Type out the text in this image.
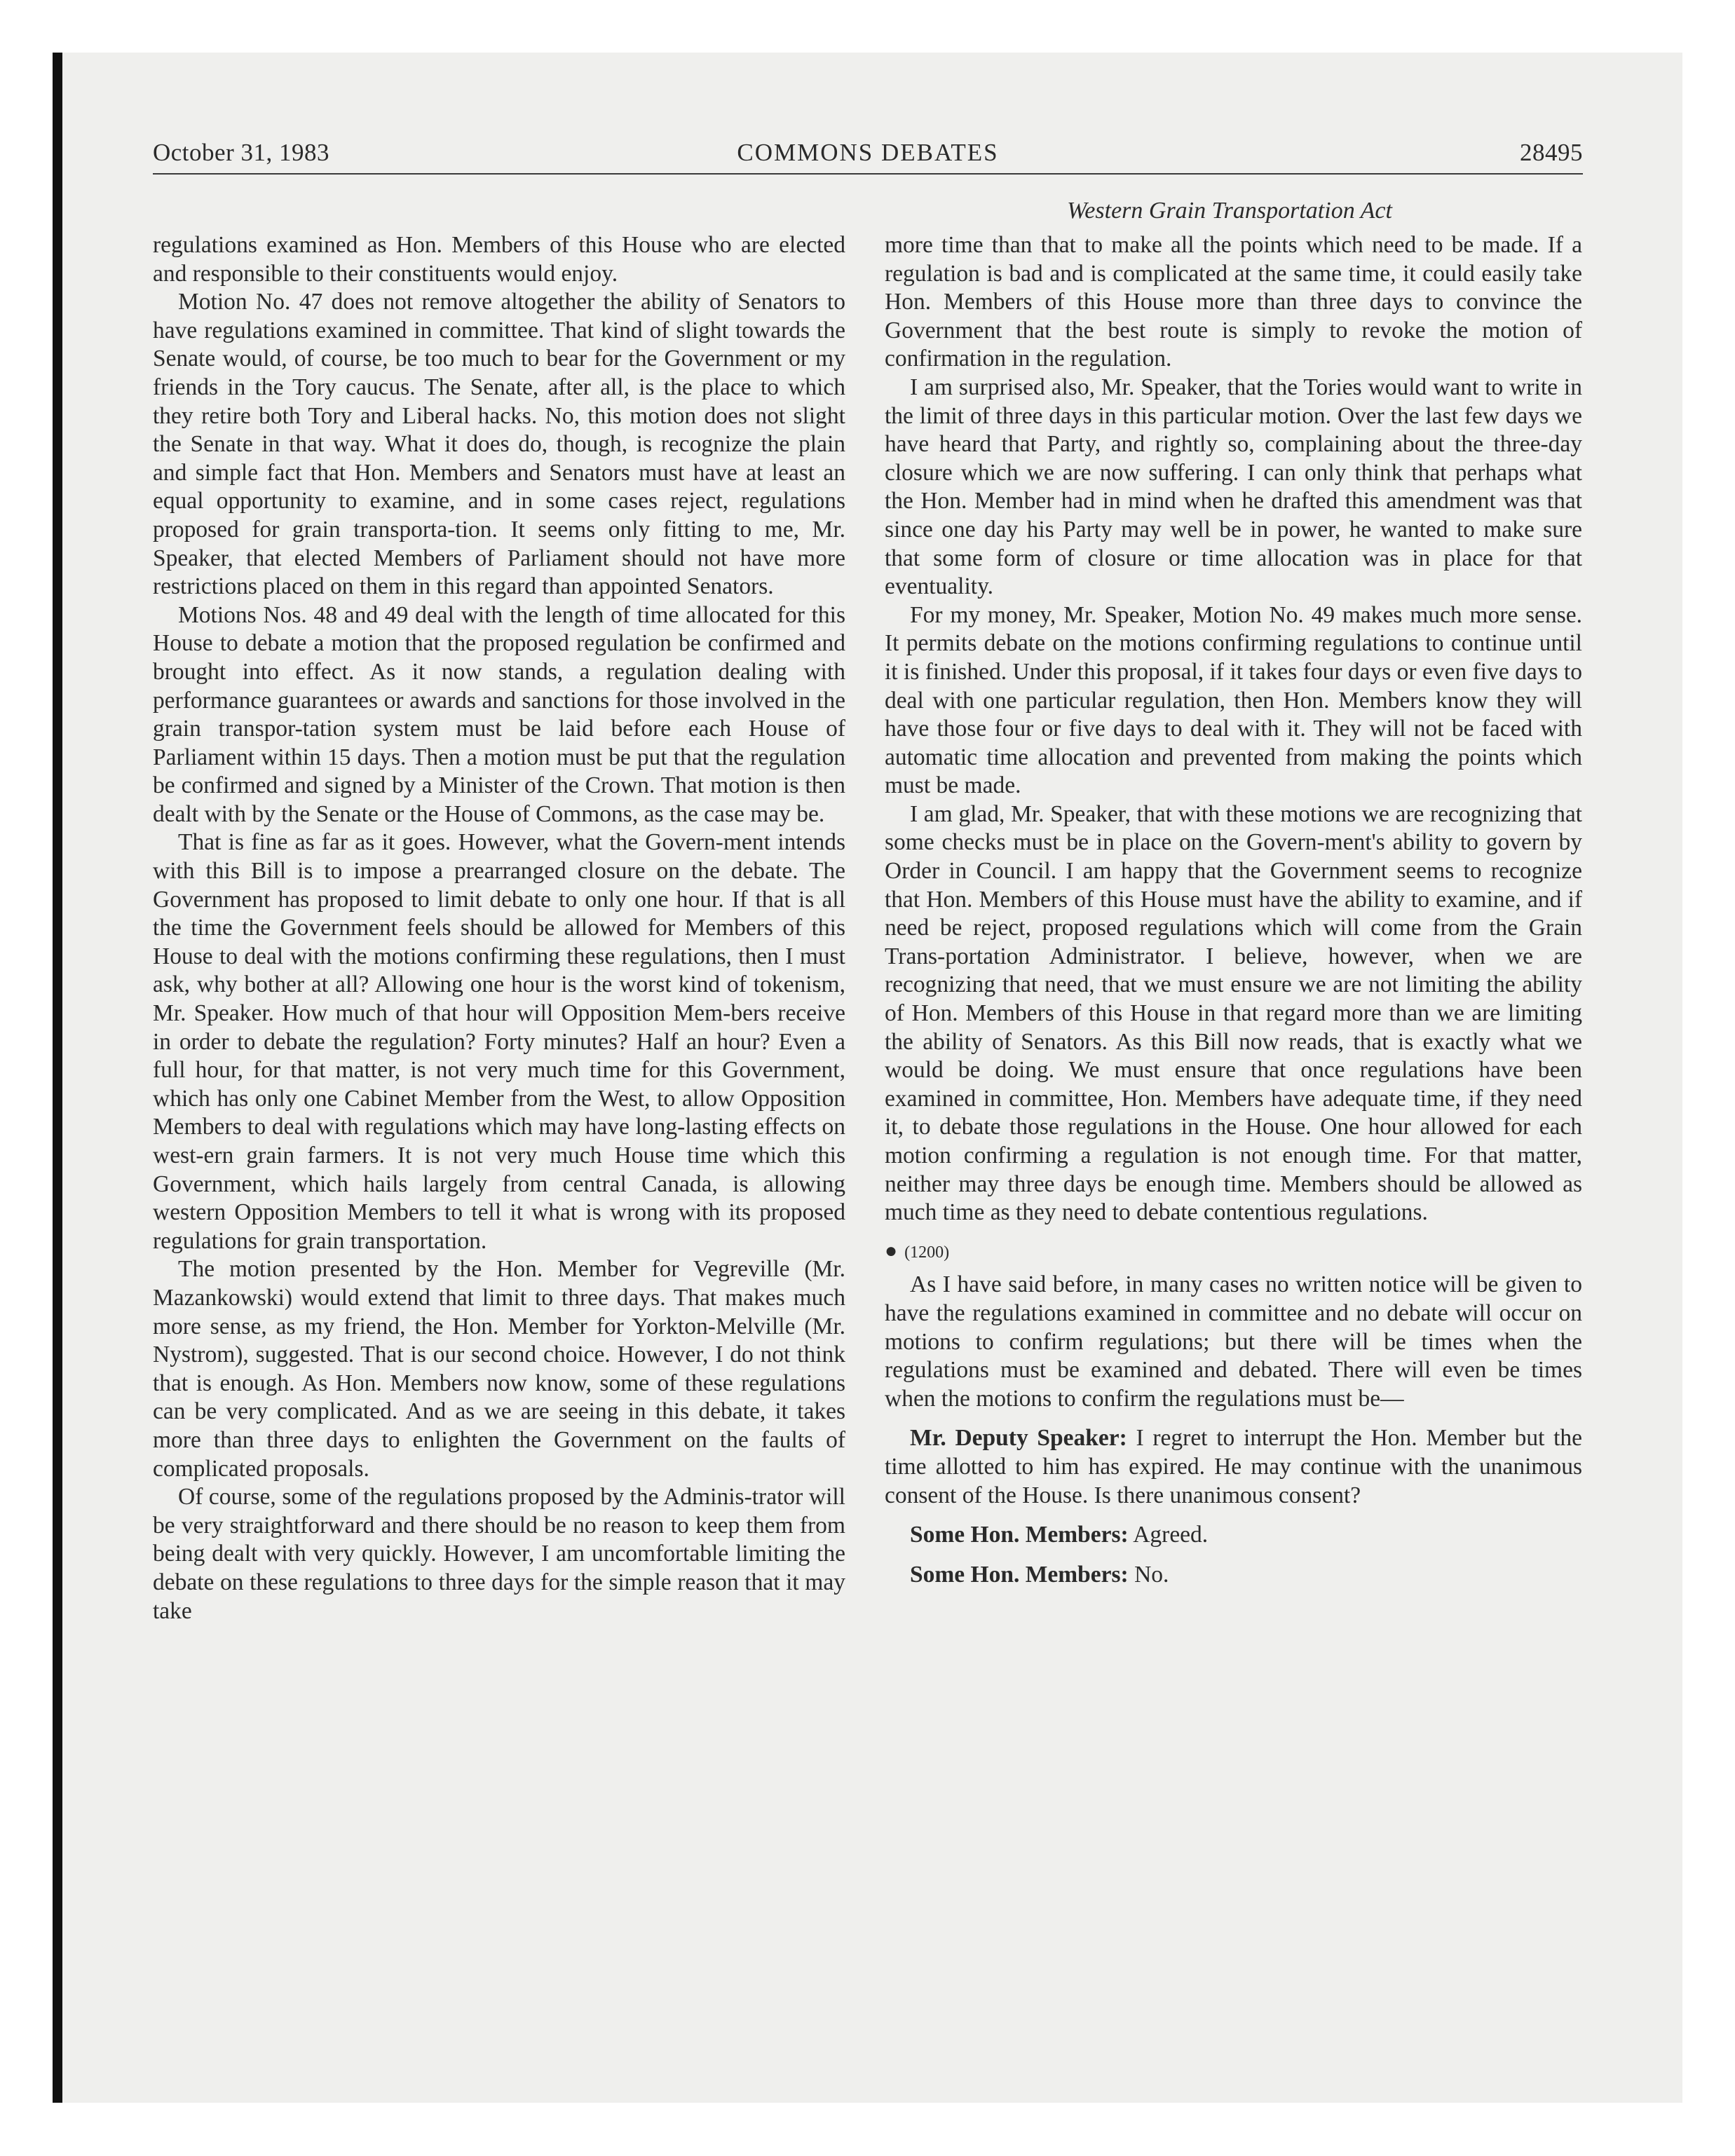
October 31, 1983	COMMONS DEBATES	28495
Western Grain Transportation Act

regulations examined as Hon. Members of this House who are elected and responsible to their constituents would enjoy.

Motion No. 47 does not remove altogether the ability of Senators to have regulations examined in committee. That kind of slight towards the Senate would, of course, be too much to bear for the Government or my friends in the Tory caucus. The Senate, after all, is the place to which they retire both Tory and Liberal hacks. No, this motion does not slight the Senate in that way. What it does do, though, is recognize the plain and simple fact that Hon. Members and Senators must have at least an equal opportunity to examine, and in some cases reject, regulations proposed for grain transporta-tion. It seems only fitting to me, Mr. Speaker, that elected Members of Parliament should not have more restrictions placed on them in this regard than appointed Senators.

Motions Nos. 48 and 49 deal with the length of time allocated for this House to debate a motion that the proposed regulation be confirmed and brought into effect. As it now stands, a regulation dealing with performance guarantees or awards and sanctions for those involved in the grain transpor-tation system must be laid before each House of Parliament within 15 days. Then a motion must be put that the regulation be confirmed and signed by a Minister of the Crown. That motion is then dealt with by the Senate or the House of Commons, as the case may be.

That is fine as far as it goes. However, what the Govern-ment intends with this Bill is to impose a prearranged closure on the debate. The Government has proposed to limit debate to only one hour. If that is all the time the Government feels should be allowed for Members of this House to deal with the motions confirming these regulations, then I must ask, why bother at all? Allowing one hour is the worst kind of tokenism, Mr. Speaker. How much of that hour will Opposition Mem-bers receive in order to debate the regulation? Forty minutes? Half an hour? Even a full hour, for that matter, is not very much time for this Government, which has only one Cabinet Member from the West, to allow Opposition Members to deal with regulations which may have long-lasting effects on west-ern grain farmers. It is not very much House time which this Government, which hails largely from central Canada, is allowing western Opposition Members to tell it what is wrong with its proposed regulations for grain transportation.

The motion presented by the Hon. Member for Vegreville (Mr. Mazankowski) would extend that limit to three days. That makes much more sense, as my friend, the Hon. Member for Yorkton-Melville (Mr. Nystrom), suggested. That is our second choice. However, I do not think that is enough. As Hon. Members now know, some of these regulations can be very complicated. And as we are seeing in this debate, it takes more than three days to enlighten the Government on the faults of complicated proposals.

Of course, some of the regulations proposed by the Adminis-trator will be very straightforward and there should be no reason to keep them from being dealt with very quickly. However, I am uncomfortable limiting the debate on these regulations to three days for the simple reason that it may take

more time than that to make all the points which need to be made. If a regulation is bad and is complicated at the same time, it could easily take Hon. Members of this House more than three days to convince the Government that the best route is simply to revoke the motion of confirmation in the regulation.

I am surprised also, Mr. Speaker, that the Tories would want to write in the limit of three days in this particular motion. Over the last few days we have heard that Party, and rightly so, complaining about the three-day closure which we are now suffering. I can only think that perhaps what the Hon. Member had in mind when he drafted this amendment was that since one day his Party may well be in power, he wanted to make sure that some form of closure or time allocation was in place for that eventuality.

For my money, Mr. Speaker, Motion No. 49 makes much more sense. It permits debate on the motions confirming regulations to continue until it is finished. Under this proposal, if it takes four days or even five days to deal with one particular regulation, then Hon. Members know they will have those four or five days to deal with it. They will not be faced with automatic time allocation and prevented from making the points which must be made.

I am glad, Mr. Speaker, that with these motions we are recognizing that some checks must be in place on the Govern-ment's ability to govern by Order in Council. I am happy that the Government seems to recognize that Hon. Members of this House must have the ability to examine, and if need be reject, proposed regulations which will come from the Grain Trans-portation Administrator. I believe, however, when we are recognizing that need, that we must ensure we are not limiting the ability of Hon. Members of this House in that regard more than we are limiting the ability of Senators. As this Bill now reads, that is exactly what we would be doing. We must ensure that once regulations have been examined in committee, Hon. Members have adequate time, if they need it, to debate those regulations in the House. One hour allowed for each motion confirming a regulation is not enough time. For that matter, neither may three days be enough time. Members should be allowed as much time as they need to debate contentious regulations.

● (1200)

As I have said before, in many cases no written notice will be given to have the regulations examined in committee and no debate will occur on motions to confirm regulations; but there will be times when the regulations must be examined and debated. There will even be times when the motions to confirm the regulations must be—

Mr. Deputy Speaker: I regret to interrupt the Hon. Member but the time allotted to him has expired. He may continue with the unanimous consent of the House. Is there unanimous consent?

Some Hon. Members: Agreed.

Some Hon. Members: No.
